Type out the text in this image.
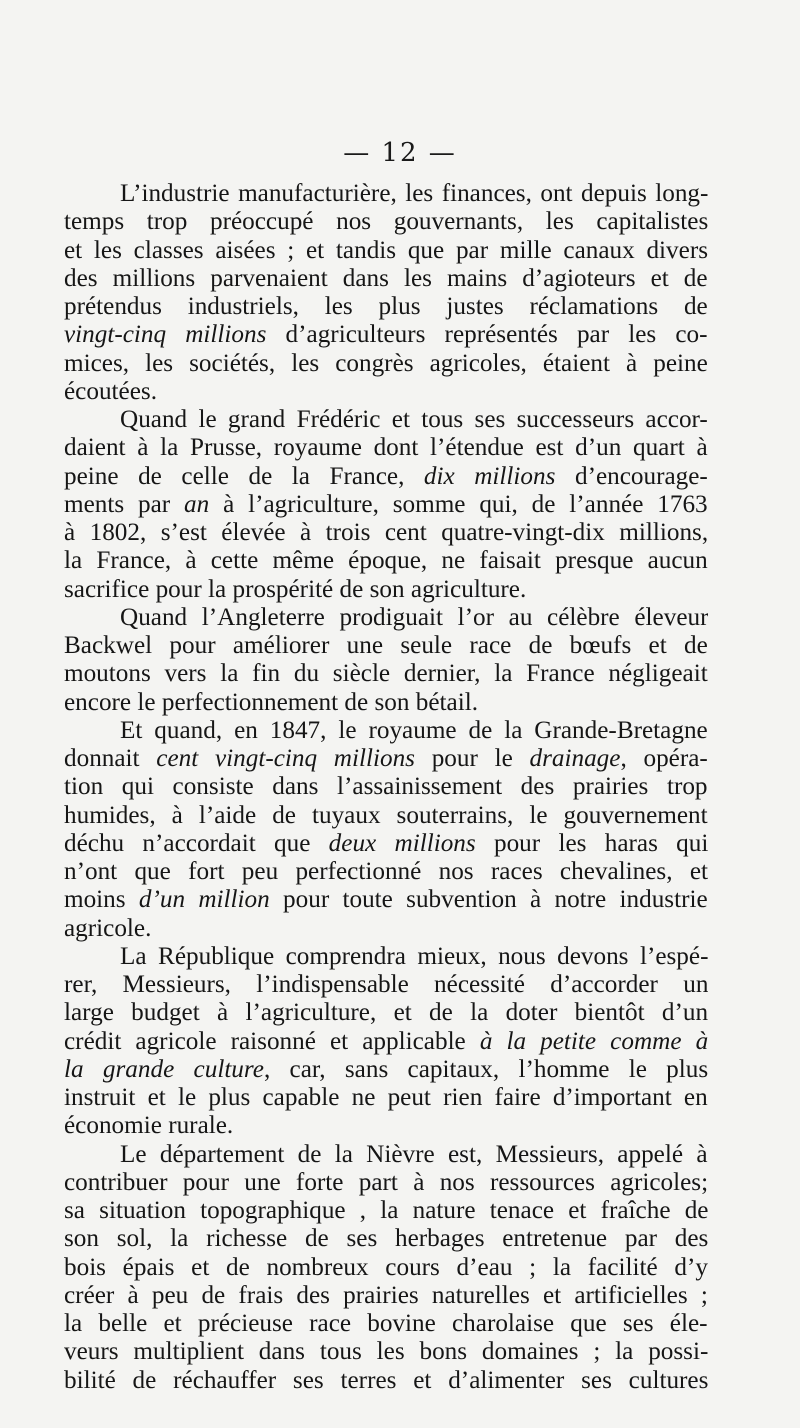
— 12 —
L’industrie manufacturière, les finances, ont depuis long-
temps trop préoccupé nos gouvernants, les capitalistes
et les classes aisées ; et tandis que par mille canaux divers
des millions parvenaient dans les mains d’agioteurs et de
prétendus industriels, les plus justes réclamations de
vingt-cinq millions d’agriculteurs représentés par les co-
mices, les sociétés, les congrès agricoles, étaient à peine
écoutées.
Quand le grand Frédéric et tous ses successeurs accor-
daient à la Prusse, royaume dont l’étendue est d’un quart à
peine de celle de la France, dix millions d’encourage-
ments par an à l’agriculture, somme qui, de l’année 1763
à 1802, s’est élevée à trois cent quatre-vingt-dix millions,
la France, à cette même époque, ne faisait presque aucun
sacrifice pour la prospérité de son agriculture.
Quand l’Angleterre prodiguait l’or au célèbre éleveur
Backwel pour améliorer une seule race de bœufs et de
moutons vers la fin du siècle dernier, la France négligeait
encore le perfectionnement de son bétail.
Et quand, en 1847, le royaume de la Grande-Bretagne
donnait cent vingt-cinq millions pour le drainage, opéra-
tion qui consiste dans l’assainissement des prairies trop
humides, à l’aide de tuyaux souterrains, le gouvernement
déchu n’accordait que deux millions pour les haras qui
n’ont que fort peu perfectionné nos races chevalines, et
moins d’un million pour toute subvention à notre industrie
agricole.
La République comprendra mieux, nous devons l’espé-
rer, Messieurs, l’indispensable nécessité d’accorder un
large budget à l’agriculture, et de la doter bientôt d’un
crédit agricole raisonné et applicable à la petite comme à
la grande culture, car, sans capitaux, l’homme le plus
instruit et le plus capable ne peut rien faire d’important en
économie rurale.
Le département de la Nièvre est, Messieurs, appelé à
contribuer pour une forte part à nos ressources agricoles;
sa situation topographique , la nature tenace et fraîche de
son sol, la richesse de ses herbages entretenue par des
bois épais et de nombreux cours d’eau ; la facilité d’y
créer à peu de frais des prairies naturelles et artificielles ;
la belle et précieuse race bovine charolaise que ses éle-
veurs multiplient dans tous les bons domaines ; la possi-
bilité de réchauffer ses terres et d’alimenter ses cultures
